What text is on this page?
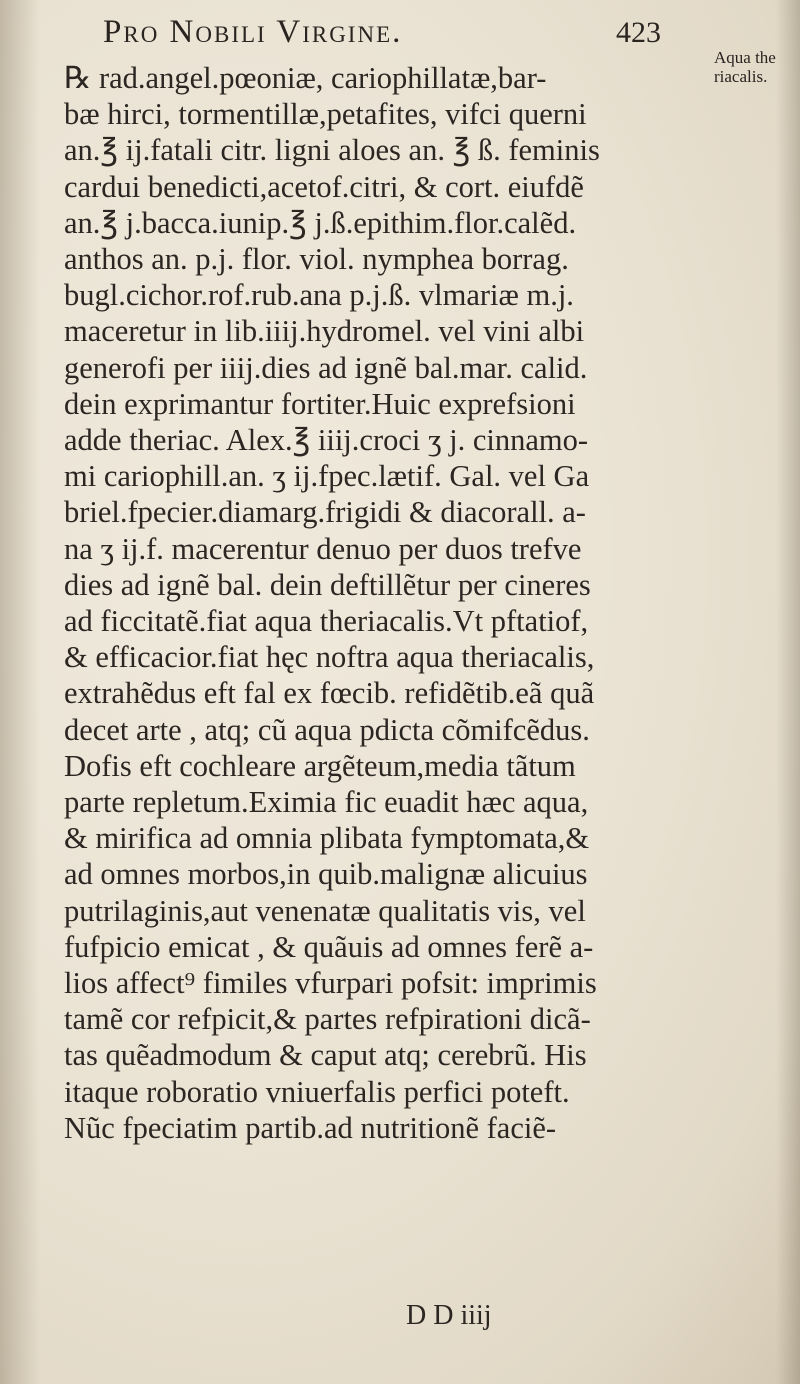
Pro Nobili Virgine.	423
Aqua the
riacalis.
℞ rad.angel.pœoniæ, cariophillatæ,bar-
bæ hirci, tormentillæ,petafites, vifci querni
an.℥ ij.fatali citr. ligni aloes an. ℥ ß. feminis
cardui benedicti,acetof.citri, & cort. eiufdẽ
an.℥ j.bacca.iunip.℥ j.ß.epithim.flor.calẽd.
anthos an. p.j. flor. viol. nymphea borrag.
bugl.cichor.rof.rub.ana p.j.ß. vlmariæ m.j.
maceretur in lib.iiij.hydromel. vel vini albi
generofi per iiij.dies ad ignẽ bal.mar. calid.
dein exprimantur fortiter.Huic exprefsioni
adde theriac. Alex.℥ iiij.croci ʒ j. cinnamo-
mi cariophill.an. ʒ ij.fpec.lætif. Gal. vel Ga
briel.fpecier.diamarg.frigidi & diacorall. a-
na ʒ ij.f. macerentur denuo per duos trefve
dies ad ignẽ bal. dein deftillẽtur per cineres
ad ficcitatẽ.fiat aqua theriacalis.Vt pftatiof,
& efficacior.fiat hęc noftra aqua theriacalis,
extrahẽdus eft fal ex fœcib. refidẽtib.eã quã
decet arte , atq; cũ aqua pdicta cõmifcẽdus.
Dofis eft cochleare argẽteum,media tãtum
parte repletum.Eximia fic euadit hæc aqua,
& mirifica ad omnia plibata fymptomata,&
ad omnes morbos,in quib.malignæ alicuius
putrilaginis,aut venenatæ qualitatis vis, vel
fufpicio emicat , & quãuis ad omnes ferẽ a-
lios affect⁹ fimiles vfurpari pofsit: imprimis
tamẽ cor refpicit,& partes refpirationi dicã-
tas quẽadmodum & caput atq; cerebrũ. His
itaque roboratio vniuerfalis perfici poteft.
Nũc fpeciatim partib.ad nutritionẽ faciẽ-
D D iiij
